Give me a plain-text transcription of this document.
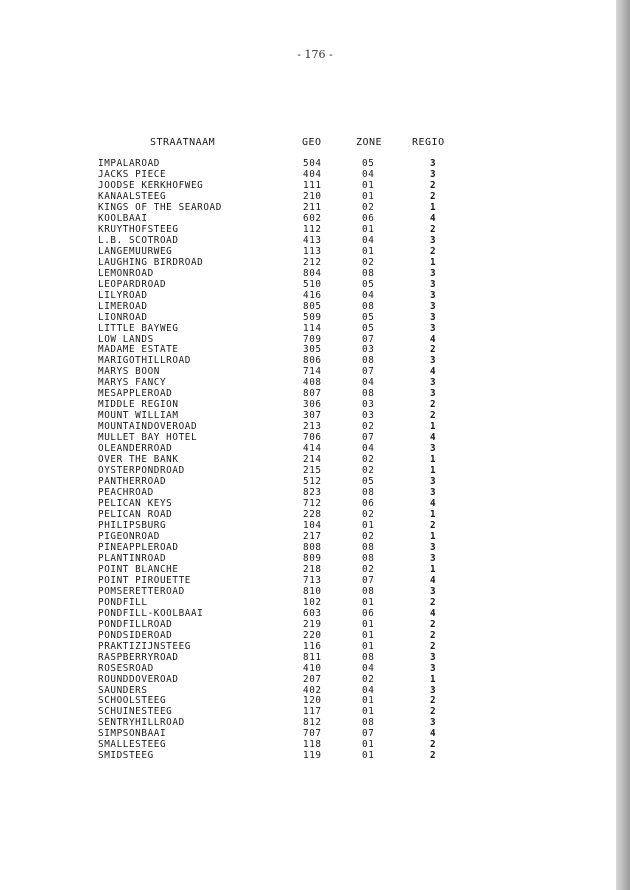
- 176 -
STRAATNAAM	GEO	ZONE	REGIO
IMPALAROAD	504	05	3
JACKS PIECE	404	04	3
JOODSE KERKHOFWEG	111	01	2
KANAALSTEEG	210	01	2
KINGS OF THE SEAROAD	211	02	1
KOOLBAAI	602	06	4
KRUYTHOFSTEEG	112	01	2
L.B. SCOTROAD	413	04	3
LANGEMUURWEG	113	01	2
LAUGHING BIRDROAD	212	02	1
LEMONROAD	804	08	3
LEOPARDROAD	510	05	3
LILYROAD	416	04	3
LIMEROAD	805	08	3
LIONROAD	509	05	3
LITTLE BAYWEG	114	05	3
LOW LANDS	709	07	4
MADAME ESTATE	305	03	2
MARIGOTHILLROAD	806	08	3
MARYS BOON	714	07	4
MARYS FANCY	408	04	3
MESAPPLEROAD	807	08	3
MIDDLE REGION	306	03	2
MOUNT WILLIAM	307	03	2
MOUNTAINDOVEROAD	213	02	1
MULLET BAY HOTEL	706	07	4
OLEANDERROAD	414	04	3
OVER THE BANK	214	02	1
OYSTERPONDROAD	215	02	1
PANTHERROAD	512	05	3
PEACHROAD	823	08	3
PELICAN KEYS	712	06	4
PELICAN ROAD	228	02	1
PHILIPSBURG	104	01	2
PIGEONROAD	217	02	1
PINEAPPLEROAD	808	08	3
PLANTINROAD	809	08	3
POINT BLANCHE	218	02	1
POINT PIROUETTE	713	07	4
POMSERETTEROAD	810	08	3
PONDFILL	102	01	2
PONDFILL-KOOLBAAI	603	06	4
PONDFILLROAD	219	01	2
PONDSIDEROAD	220	01	2
PRAKTIZIJNSTEEG	116	01	2
RASPBERRYROAD	811	08	3
ROSESROAD	410	04	3
ROUNDDOVEROAD	207	02	1
SAUNDERS	402	04	3
SCHOOLSTEEG	120	01	2
SCHUINESTEEG	117	01	2
SENTRYHILLROAD	812	08	3
SIMPSONBAAI	707	07	4
SMALLESTEEG	118	01	2
SMIDSTEEG	119	01	2
